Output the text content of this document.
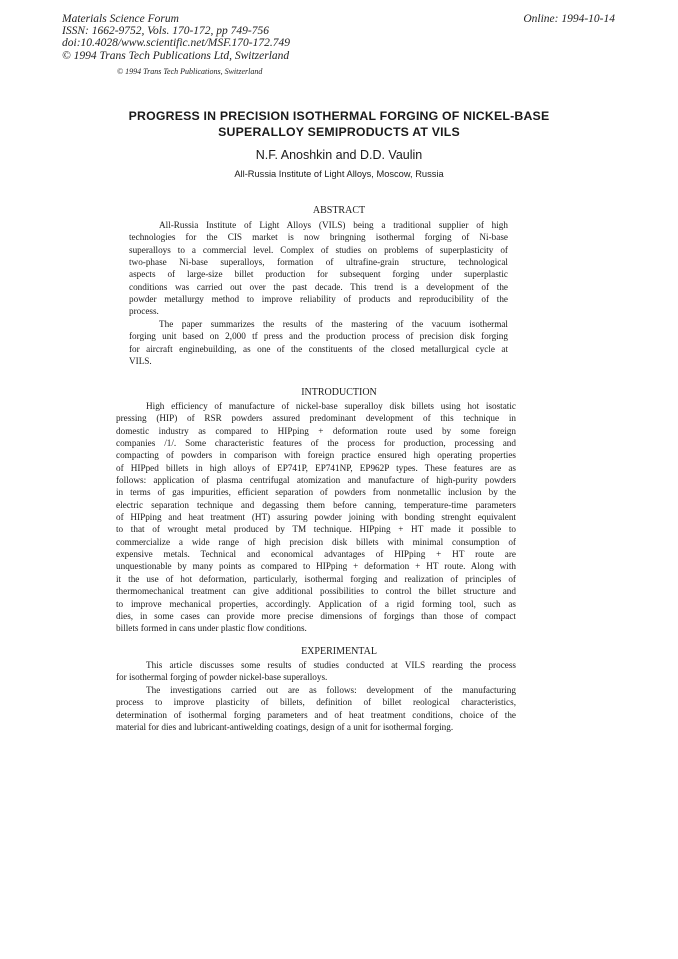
Materials Science Forum
ISSN: 1662-9752, Vols. 170-172, pp 749-756
doi:10.4028/www.scientific.net/MSF.170-172.749
© 1994 Trans Tech Publications Ltd, Switzerland
Online: 1994-10-14
© 1994 Trans Tech Publications, Switzerland
PROGRESS IN PRECISION ISOTHERMAL FORGING OF NICKEL-BASE
SUPERALLOY SEMIPRODUCTS AT VILS
N.F. Anoshkin and D.D. Vaulin
All-Russia Institute of Light Alloys, Moscow, Russia
ABSTRACT
All-Russia Institute of Light Alloys (VILS) being a traditional supplier of high
technologies for the CIS market is now bringning isothermal forging of Ni-base
superalloys to a commercial level. Complex of studies on problems of superplasticity of
two-phase Ni-base superalloys, formation of ultrafine-grain structure, technological
aspects of large-size billet production for subsequent forging under superplastic
conditions was carried out over the past decade. This trend is a development of the
powder metallurgy method to improve reliability of products and reproducibility of the
process.
The paper summarizes the results of the mastering of the vacuum isothermal
forging unit based on 2,000 tf press and the production process of precision disk forging
for aircraft enginebuilding, as one of the constituents of the closed metallurgical cycle at
VILS.
INTRODUCTION
High efficiency of manufacture of nickel-base superalloy disk billets using hot isostatic
pressing (HIP) of RSR powders assured predominant development of this technique in
domestic industry as compared to HIPping + deformation route used by some foreign
companies /1/. Some characteristic features of the process for production, processing and
compacting of powders in comparison with foreign practice ensured high operating properties
of HIPped billets in high alloys of EP741P, EP741NP, EP962P types. These features are as
follows: application of plasma centrifugal atomization and manufacture of high-purity powders
in terms of gas impurities, efficient separation of powders from nonmetallic inclusion by the
electric separation technique and degassing them before canning, temperature-time parameters
of HIPping and heat treatment (HT) assuring powder joining with bonding strenght equivalent
to that of wrought metal produced by TM technique. HIPping + HT made it possible to
commercialize a wide range of high precision disk billets with minimal consumption of
expensive metals. Technical and economical advantages of HIPping + HT route are
unquestionable by many points as compared to HIPping + deformation + HT route. Along with
it the use of hot deformation, particularly, isothermal forging and realization of principles of
thermomechanical treatment can give additional possibilities to control the billet structure and
to improve mechanical properties, accordingly. Application of a rigid forming tool, such as
dies, in some cases can provide more precise dimensions of forgings than those of compact
billets formed in cans under plastic flow conditions.
EXPERIMENTAL
This article discusses some results of studies conducted at VILS rearding the process
for isothermal forging of powder nickel-base superalloys.
The investigations carried out are as follows: development of the manufacturing
process to improve plasticity of billets, definition of billet reological characteristics,
determination of isothermal forging parameters and of heat treatment conditions, choice of the
material for dies and lubricant-antiwelding coatings, design of a unit for isothermal forging.
